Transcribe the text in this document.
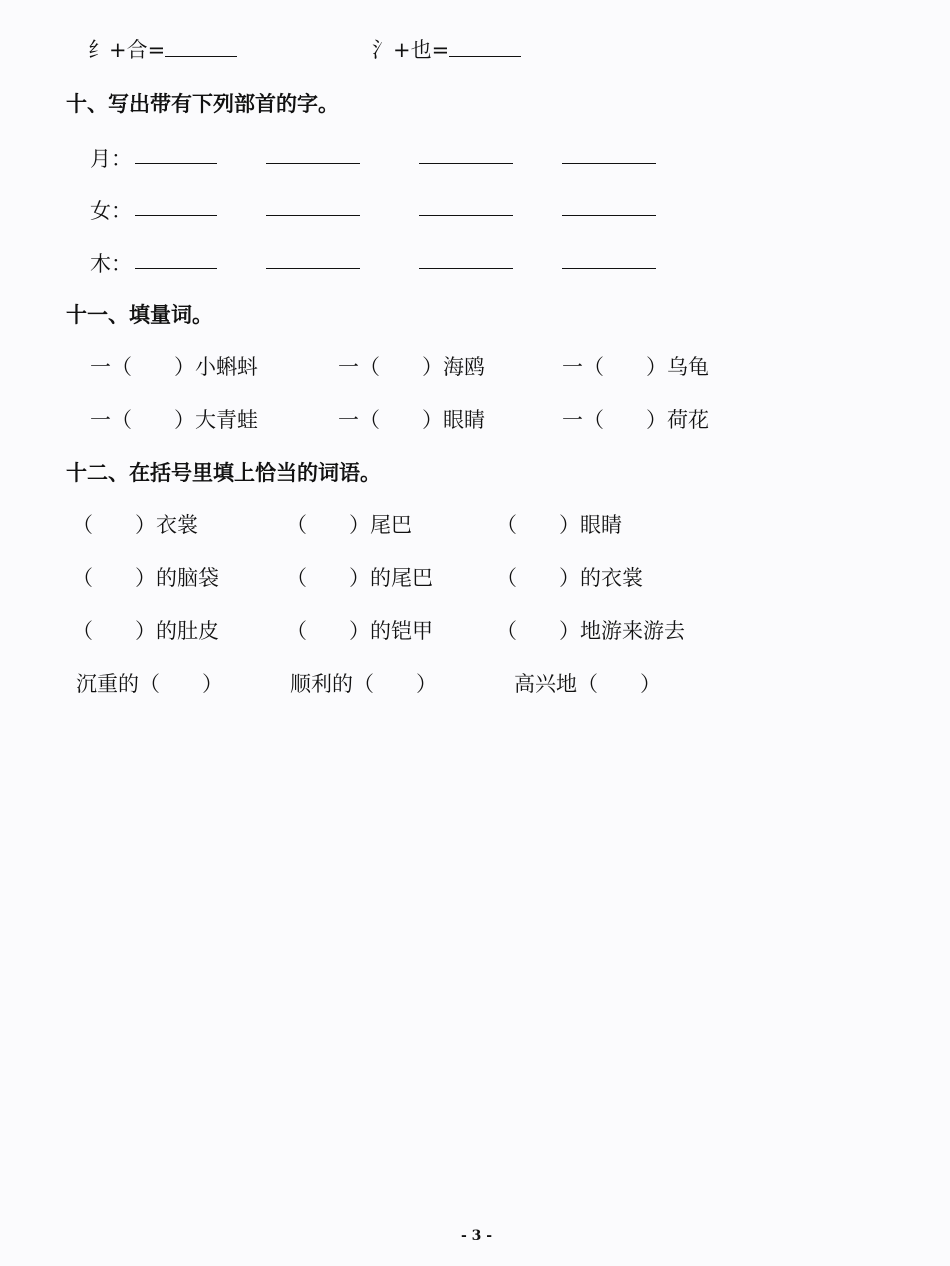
纟+合=	氵+也=
十、写出带有下列部首的字。
月：
女：
木：
十一、填量词。
一（　　）小蝌蚪	一（　　）海鸥	一（　　）乌龟
一（　　）大青蛙	一（　　）眼睛	一（　　）荷花
十二、在括号里填上恰当的词语。
（　　）衣裳	（　　）尾巴	（　　）眼睛
（　　）的脑袋	（　　）的尾巴	（　　）的衣裳
（　　）的肚皮	（　　）的铠甲	（　　）地游来游去
沉重的（　　）	顺利的（　　）	高兴地（　　）
- 3 -
